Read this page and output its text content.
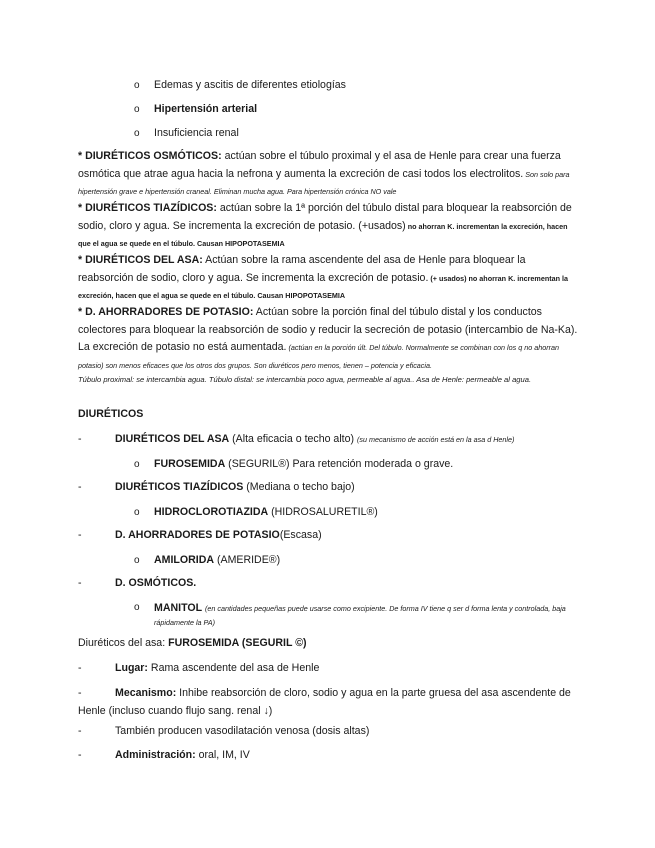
o Edemas y ascitis de diferentes etiologías
o Hipertensión arterial
o Insuficiencia renal
* DIURÉTICOS OSMÓTICOS: actúan sobre el túbulo proximal y el asa de Henle para crear una fuerza osmótica que atrae agua hacia la nefrona y aumenta la excreción de casi todos los electrolitos. Son solo para hipertensión grave e hipertensión craneal. Eliminan mucha agua. Para hipertensión crónica NO vale
* DIURÉTICOS TIAZÍDICOS: actúan sobre la 1ª porción del túbulo distal para bloquear la reabsorción de sodio, cloro y agua. Se incrementa la excreción de potasio. (+usados) no ahorran K. incrementan la excreción, hacen que el agua se quede en el túbulo. Causan HIPOPOTASEMIA
* DIURÉTICOS DEL ASA: Actúan sobre la rama ascendente del asa de Henle para bloquear la reabsorción de sodio, cloro y agua. Se incrementa la excreción de potasio. (+ usados) no ahorran K. incrementan la excreción, hacen que el agua se quede en el túbulo. Causan HIPOPOTASEMIA
* D. AHORRADORES DE POTASIO: Actúan sobre la porción final del túbulo distal y los conductos colectores para bloquear la reabsorción de sodio y reducir la secreción de potasio (intercambio de Na-Ka). La excreción de potasio no está aumentada. (actúan en la porción últ. Del túbulo. Normalmente se combinan con los q no ahorran potasio) son menos eficaces que los otros dos grupos. Son diuréticos pero menos, tienen – potencia y eficacia.
Túbulo proximal: se intercambia agua. Túbulo distal: se intercambia poco agua, permeable al agua.. Asa de Henle: permeable al agua.
DIURÉTICOS
-	DIURÉTICOS DEL ASA (Alta eficacia o techo alto) (su mecanismo de acción está en la asa d Henle)
o FUROSEMIDA (SEGURIL®) Para retención moderada o grave.
-	DIURÉTICOS TIAZÍDICOS (Mediana o techo bajo)
o HIDROCLOROTIAZIDA (HIDROSALURETIL®)
-	D. AHORRADORES DE POTASIO(Escasa)
o AMILORIDA (AMERIDE®)
-	D. OSMÓTICOS.
o	MANITOL (en cantidades pequeñas puede usarse como excipiente. De forma IV tiene q ser d forma lenta y controlada, baja rápidamente la PA)
Diuréticos del asa: FUROSEMIDA (SEGURIL ©)
-	Lugar: Rama ascendente del asa de Henle
-	Mecanismo: Inhibe reabsorción de cloro, sodio y agua en la parte gruesa del asa ascendente de Henle (incluso cuando flujo sang. renal ↓)
-	También producen vasodilatación venosa (dosis altas)
-	Administración: oral, IM, IV
